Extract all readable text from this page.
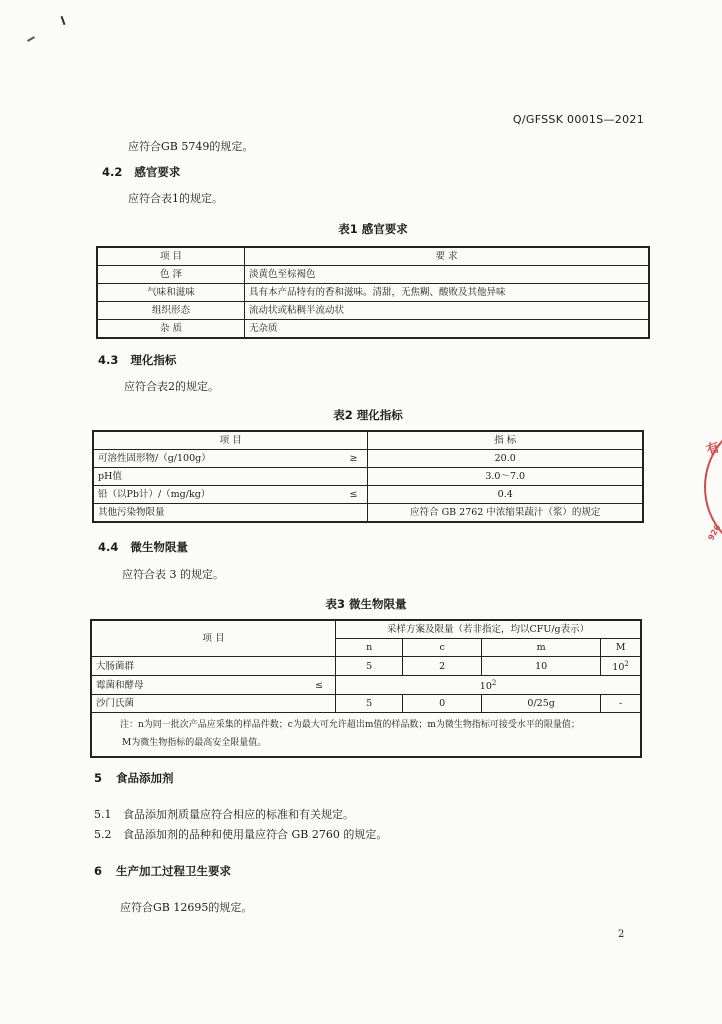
Q/GFSSK 0001S—2021
应符合GB 5749的规定。
4.2 感官要求
应符合表1的规定。
表1 感官要求
项 目	要 求
色 泽	淡黄色至棕褐色
气味和滋味	具有本产品特有的香和滋味。清甜，无焦糊、酸败及其他异味
组织形态	流动状或粘稠半流动状
杂 质	无杂质
4.3 理化指标
应符合表2的规定。
表2 理化指标
项 目		指 标
可溶性固形物/（g/100g）	≥	20.0
pH值		3.0～7.0
铅（以Pb计）/（mg/kg）	≤	0.4
其他污染物限量		应符合 GB 2762 中浓缩果蔬汁（浆）的规定
4.4 微生物限量
应符合表 3 的规定。
表3 微生物限量
项 目		采样方案及限量（若非指定，均以CFU/g表示）			
		n	c	m	M
大肠菌群		5	2	10	$10^2$
霉菌和酵母	≤	$10^2$
沙门氏菌		5	0	0/25g	-

注：n为同一批次产品应采集的样品件数；c为最大可允许超出m值的样品数；m为微生物指标可接受水平的限量值；
M为微生物指标的最高安全限量值。					
5 食品添加剂
5.1 食品添加剂质量应符合相应的标准和有关规定。
5.2 食品添加剂的品种和使用量应符合 GB 2760 的规定。
6 生产加工过程卫生要求
应符合GB 12695的规定。
2
有
926
